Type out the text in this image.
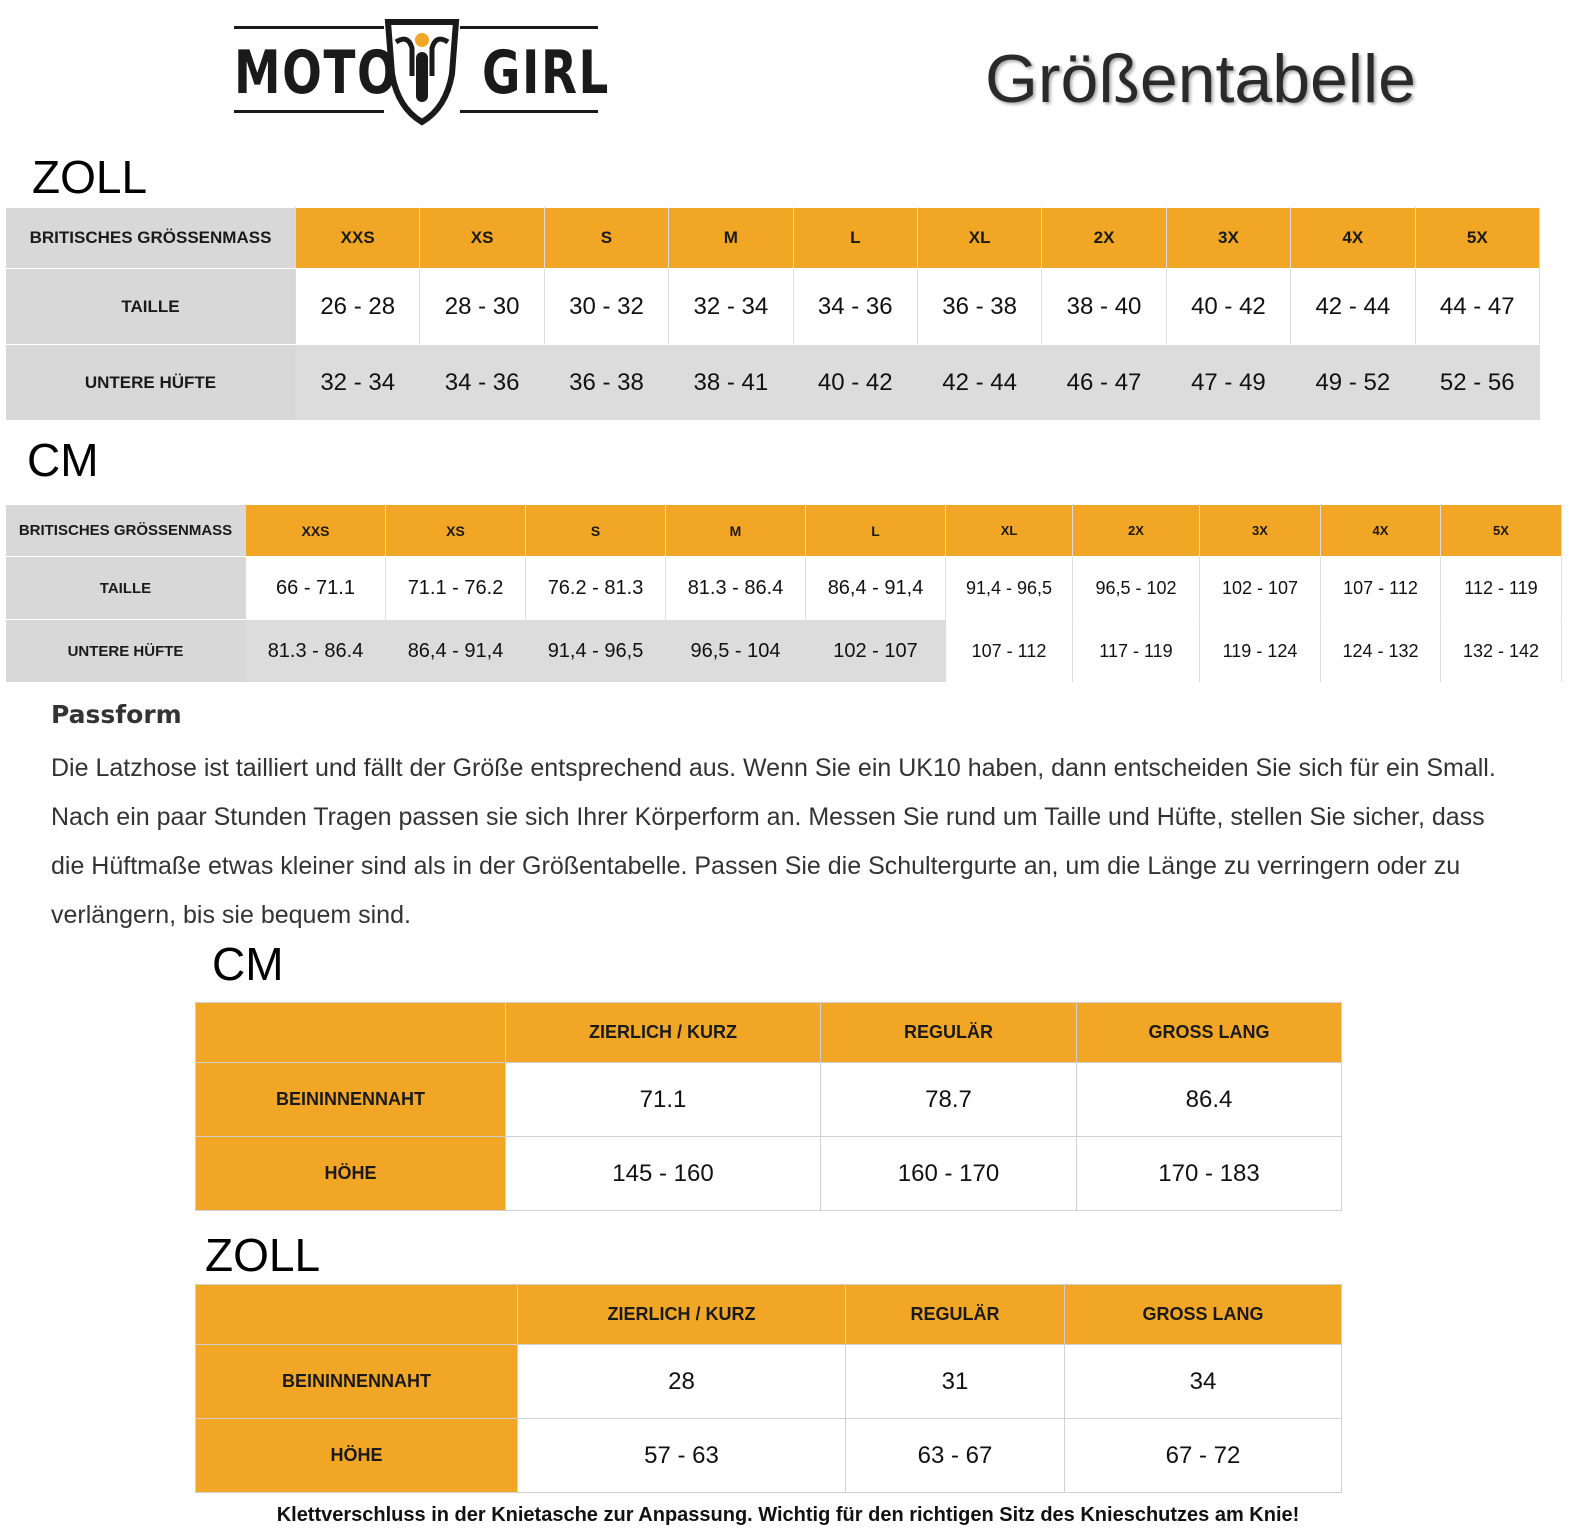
MOTO GIRL	Größentabelle
ZOLL
BRITISCHES GRÖSSENMASS	XXS	XS	S	M	L	XL	2X	3X	4X	5X
TAILLE	26 - 28	28 - 30	30 - 32	32 - 34	34 - 36	36 - 38	38 - 40	40 - 42	42 - 44	44 - 47
UNTERE HÜFTE	32 - 34	34 - 36	36 - 38	38 - 41	40 - 42	42 - 44	46 - 47	47 - 49	49 - 52	52 - 56
CM
BRITISCHES GRÖSSENMASS	XXS	XS	S	M	L	XL	2X	3X	4X	5X
TAILLE	66 - 71.1	71.1 - 76.2	76.2 - 81.3	81.3 - 86.4	86,4 - 91,4	91,4 - 96,5	96,5 - 102	102 - 107	107 - 112	112 - 119
UNTERE HÜFTE	81.3 - 86.4	86,4 - 91,4	91,4 - 96,5	96,5 - 104	102 - 107	107 - 112	117 - 119	119 - 124	124 - 132	132 - 142
Passform
Die Latzhose ist tailliert und fällt der Größe entsprechend aus. Wenn Sie ein UK10 haben, dann entscheiden Sie sich für ein Small. Nach ein paar Stunden Tragen passen sie sich Ihrer Körperform an. Messen Sie rund um Taille und Hüfte, stellen Sie sicher, dass die Hüftmaße etwas kleiner sind als in der Größentabelle. Passen Sie die Schultergurte an, um die Länge zu verringern oder zu verlängern, bis sie bequem sind.
CM
	ZIERLICH / KURZ	REGULÄR	GROSS LANG
BEININNENNAHT	71.1	78.7	86.4
HÖHE	145 - 160	160 - 170	170 - 183
ZOLL
	ZIERLICH / KURZ	REGULÄR	GROSS LANG
BEININNENNAHT	28	31	34
HÖHE	57 - 63	63 - 67	67 - 72
Klettverschluss in der Knietasche zur Anpassung. Wichtig für den richtigen Sitz des Knieschutzes am Knie!
